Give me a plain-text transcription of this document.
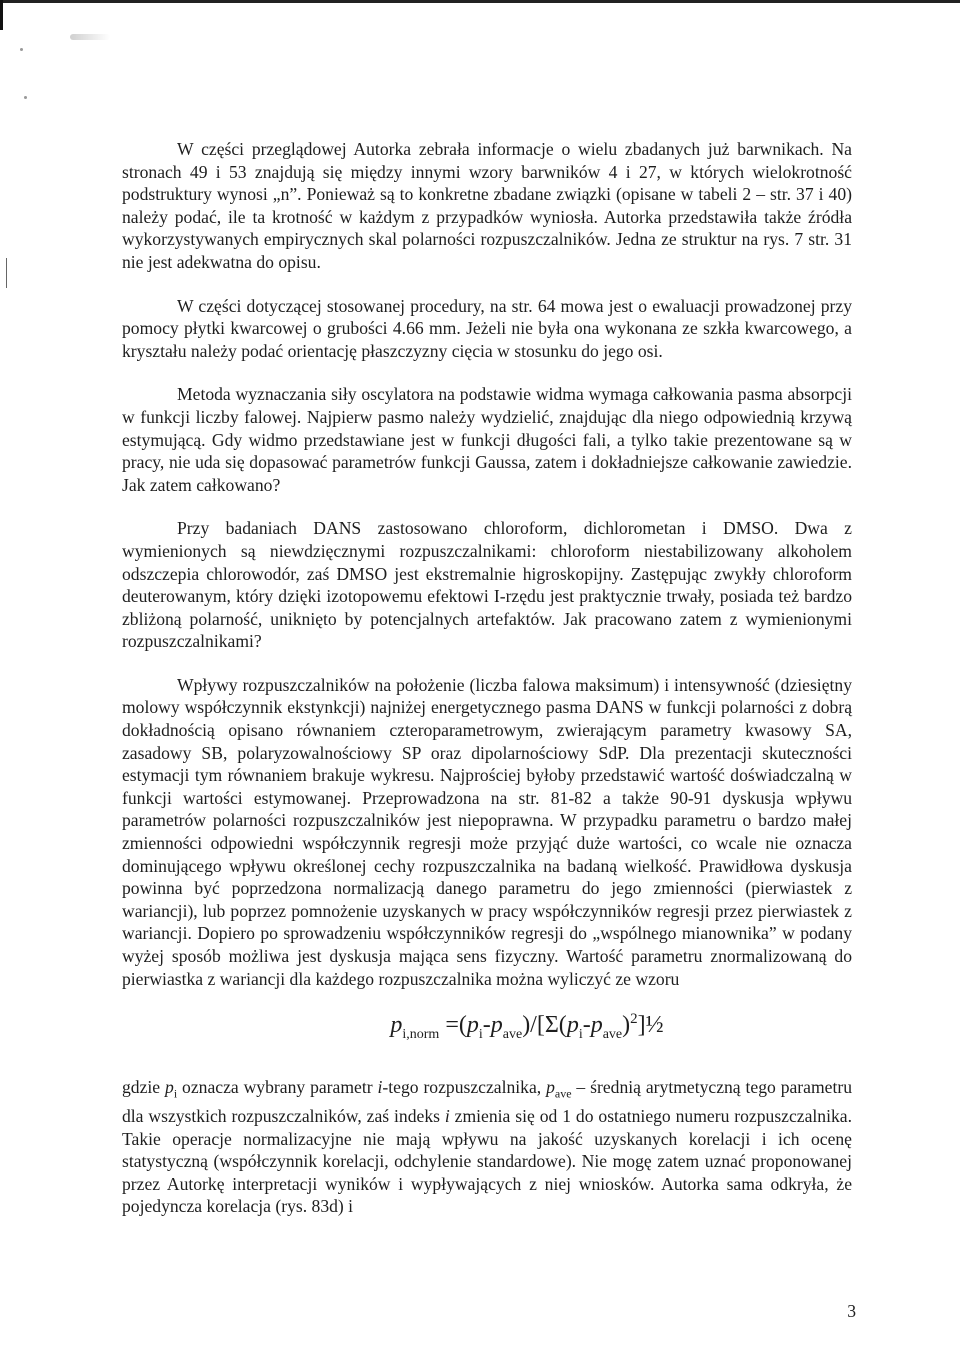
W części przeglądowej Autorka zebrała informacje o wielu zbadanych już barwnikach. Na stronach 49 i 53 znajdują się między innymi wzory barwników 4 i 27, w których wielokrotność podstruktury wynosi „n”. Ponieważ są to konkretne zbadane związki (opisane w tabeli 2 – str. 37 i 40) należy podać, ile ta krotność w każdym z przypadków wyniosła. Autorka przedstawiła także źródła wykorzystywanych empirycznych skal polarności rozpuszczalników. Jedna ze struktur na rys. 7 str. 31 nie jest adekwatna do opisu.

W części dotyczącej stosowanej procedury, na str. 64 mowa jest o ewaluacji prowadzonej przy pomocy płytki kwarcowej o grubości 4.66 mm. Jeżeli nie była ona wykonana ze szkła kwarcowego, a kryształu należy podać orientację płaszczyzny cięcia w stosunku do jego osi.

Metoda wyznaczania siły oscylatora na podstawie widma wymaga całkowania pasma absorpcji w funkcji liczby falowej. Najpierw pasmo należy wydzielić, znajdując dla niego odpowiednią krzywą estymującą. Gdy widmo przedstawiane jest w funkcji długości fali, a tylko takie prezentowane są w pracy, nie uda się dopasować parametrów funkcji Gaussa, zatem i dokładniejsze całkowanie zawiedzie. Jak zatem całkowano?

Przy badaniach DANS zastosowano chloroform, dichlorometan i DMSO. Dwa z wymienionych są niewdzięcznymi rozpuszczalnikami: chloroform niestabilizowany alkoholem odszczepia chlorowodór, zaś DMSO jest ekstremalnie higroskopijny. Zastępując zwykły chloroform deuterowanym, który dzięki izotopowemu efektowi I-rzędu jest praktycznie trwały, posiada też bardzo zbliżoną polarność, uniknięto by potencjalnych artefaktów. Jak pracowano zatem z wymienionymi rozpuszczalnikami?

Wpływy rozpuszczalników na położenie (liczba falowa maksimum) i intensywność (dziesiętny molowy współczynnik ekstynkcji) najniżej energetycznego pasma DANS w funkcji polarności z dobrą dokładnością opisano równaniem czteroparametrowym, zwierającym parametry kwasowy SA, zasadowy SB, polaryzowalnościowy SP oraz dipolarnościowy SdP. Dla prezentacji skuteczności estymacji tym równaniem brakuje wykresu. Najprościej byłoby przedstawić wartość doświadczalną w funkcji wartości estymowanej. Przeprowadzona na str. 81-82 a także 90-91 dyskusja wpływu parametrów polarności rozpuszczalników jest niepoprawna. W przypadku parametru o bardzo małej zmienności odpowiedni współczynnik regresji może przyjąć duże wartości, co wcale nie oznacza dominującego wpływu określonej cechy rozpuszczalnika na badaną wielkość. Prawidłowa dyskusja powinna być poprzedzona normalizacją danego parametru do jego zmienności (pierwiastek z wariancji), lub poprzez pomnożenie uzyskanych w pracy współczynników regresji przez pierwiastek z wariancji. Dopiero po sprowadzeniu współczynników regresji do „wspólnego mianownika” w podany wyżej sposób możliwa jest dyskusja mająca sens fizyczny. Wartość parametru znormalizowaną do pierwiastka z wariancji dla każdego rozpuszczalnika można wyliczyć ze wzoru

$p_{i,norm}$ $=(p_i-p_{ave})/[\Sigma(p_i-p_{ave})^2]\frac{1}{2}$

gdzie $p_i$ oznacza wybrany parametr i-tego rozpuszczalnika, $p_{ave}$ – średnią arytmetyczną tego parametru dla wszystkich rozpuszczalników, zaś indeks i zmienia się od 1 do ostatniego numeru rozpuszczalnika. Takie operacje normalizacyjne nie mają wpływu na jakość uzyskanych korelacji i ich ocenę statystyczną (współczynnik korelacji, odchylenie standardowe). Nie mogę zatem uznać proponowanej przez Autorkę interpretacji wyników i wypływających z niej wniosków. Autorka sama odkryła, że pojedyncza korelacja (rys. 83d) i

3
